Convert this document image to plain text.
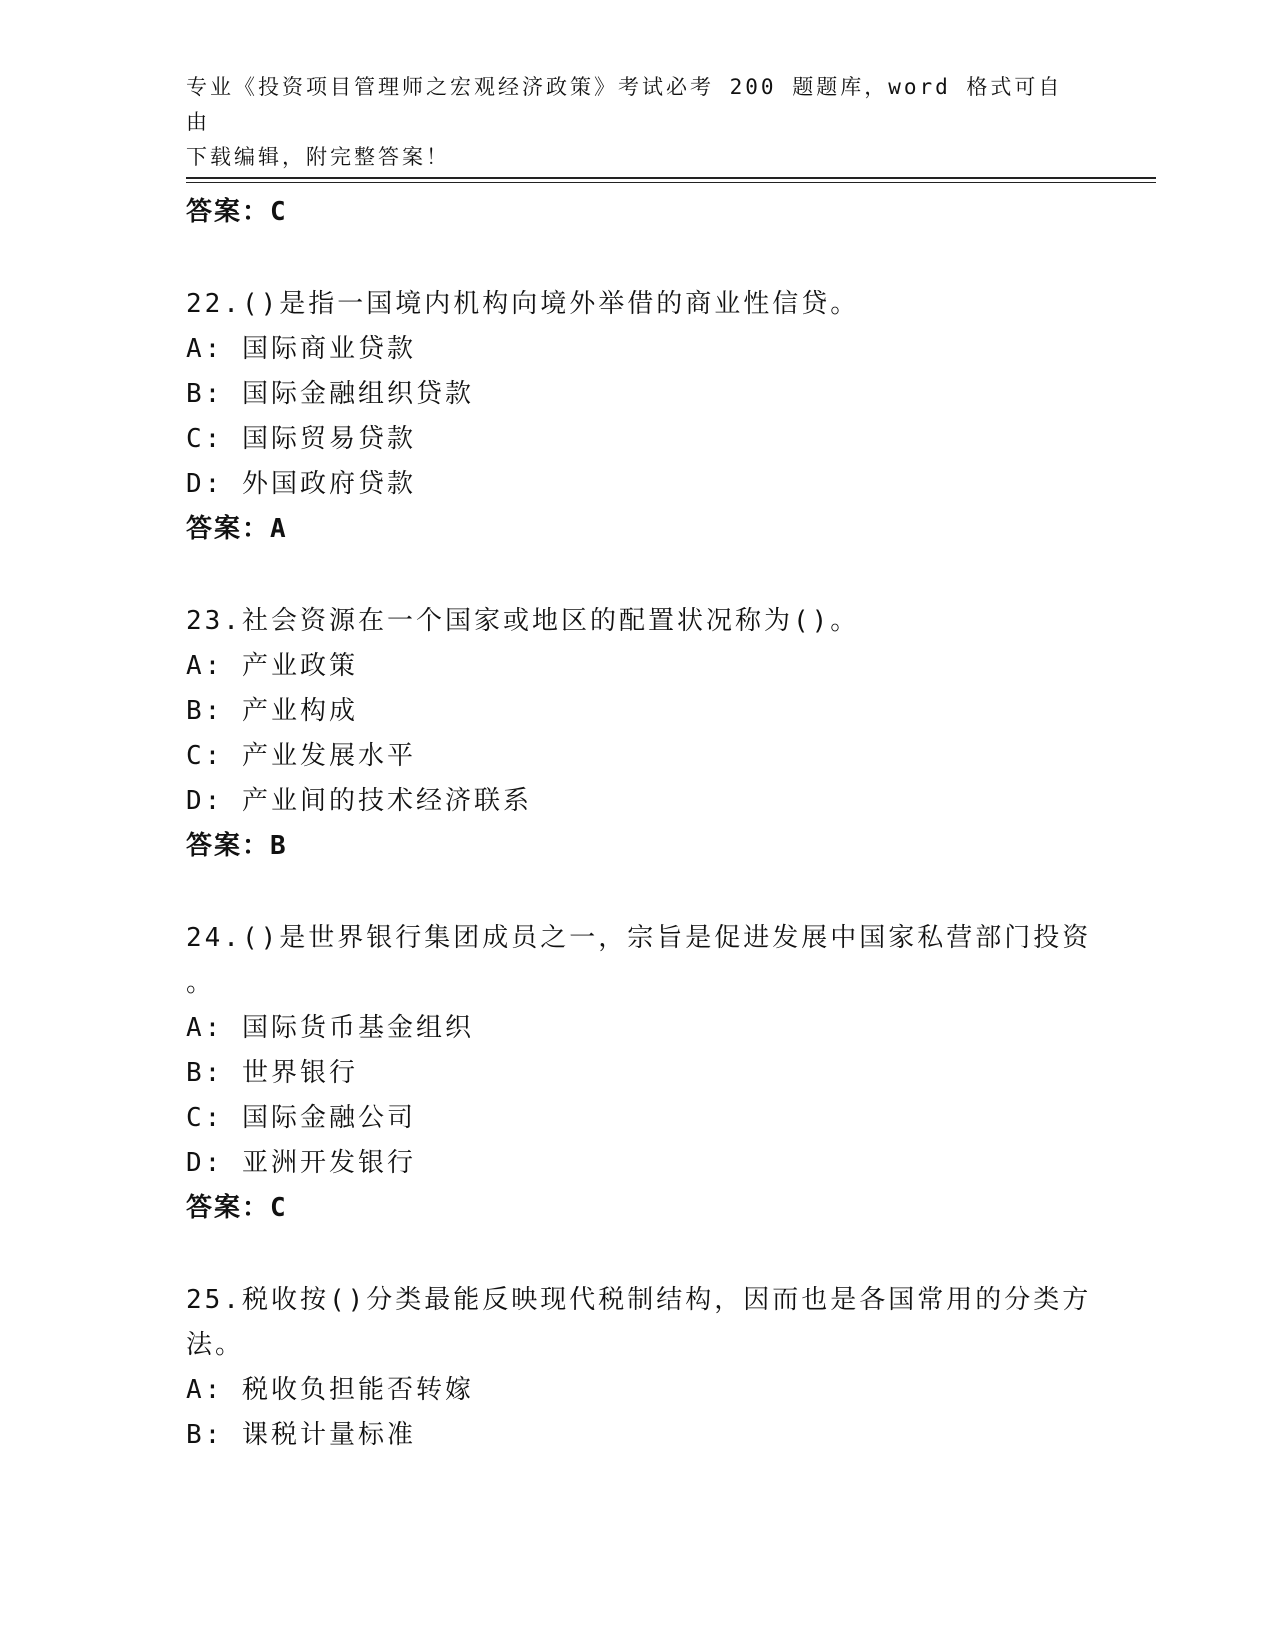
专业《投资项目管理师之宏观经济政策》考试必考 200 题题库，word 格式可自由
下载编辑，附完整答案！
答案：C
22.()是指一国境内机构向境外举借的商业性信贷。
A: 国际商业贷款
B: 国际金融组织贷款
C: 国际贸易贷款
D: 外国政府贷款
答案：A
23.社会资源在一个国家或地区的配置状况称为()。
A: 产业政策
B: 产业构成
C: 产业发展水平
D: 产业间的技术经济联系
答案：B
24.()是世界银行集团成员之一，宗旨是促进发展中国家私营部门投资
。
A: 国际货币基金组织
B: 世界银行
C: 国际金融公司
D: 亚洲开发银行
答案：C
25.税收按()分类最能反映现代税制结构，因而也是各国常用的分类方
法。
A: 税收负担能否转嫁
B: 课税计量标准
